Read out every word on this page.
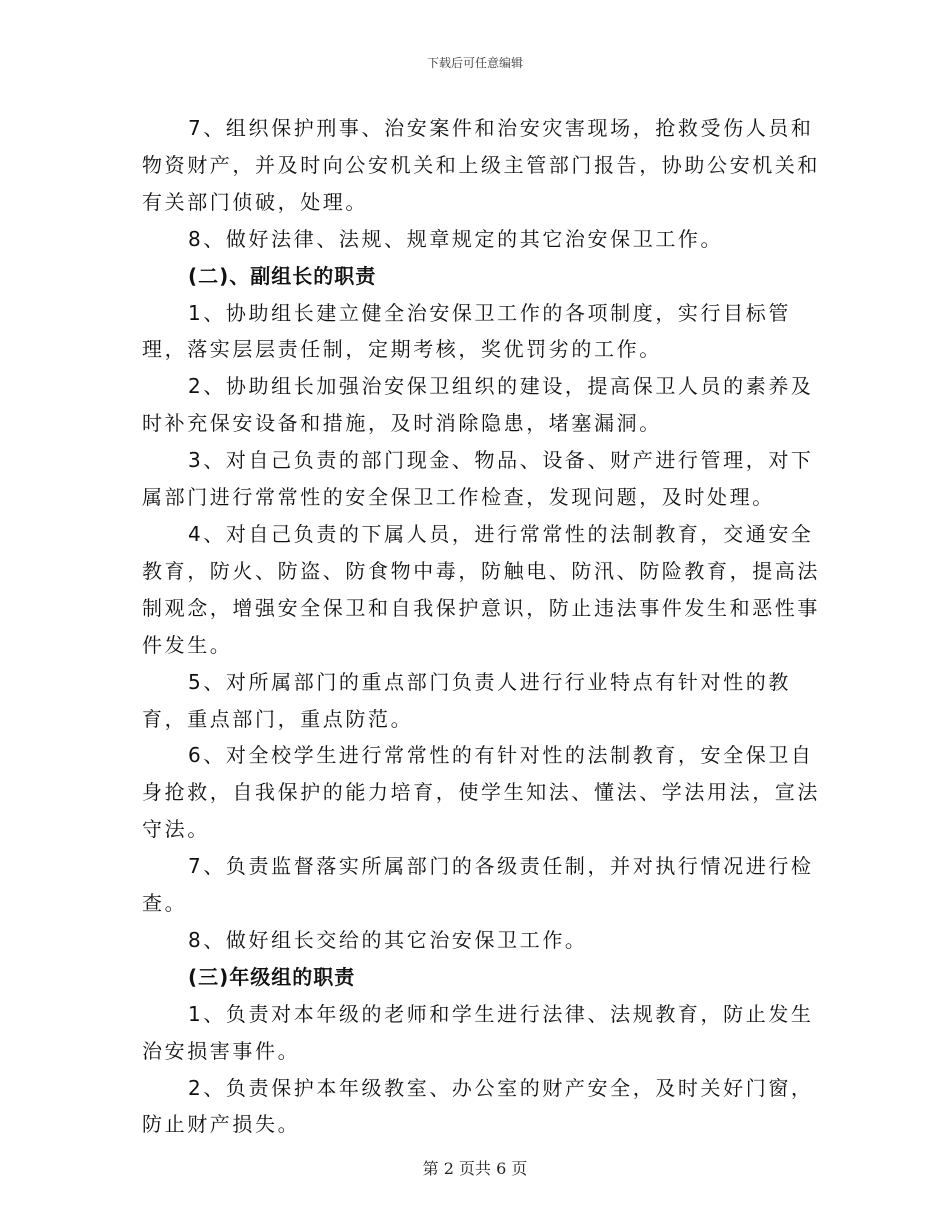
下载后可任意编辑

7、组织保护刑事、治安案件和治安灾害现场，抢救受伤人员和物资财产，并及时向公安机关和上级主管部门报告，协助公安机关和有关部门侦破，处理。

8、做好法律、法规、规章规定的其它治安保卫工作。

(二)、副组长的职责

1、协助组长建立健全治安保卫工作的各项制度，实行目标管理，落实层层责任制，定期考核，奖优罚劣的工作。

2、协助组长加强治安保卫组织的建设，提高保卫人员的素养及时补充保安设备和措施，及时消除隐患，堵塞漏洞。

3、对自己负责的部门现金、物品、设备、财产进行管理，对下属部门进行常常性的安全保卫工作检查，发现问题，及时处理。

4、对自己负责的下属人员，进行常常性的法制教育，交通安全教育，防火、防盗、防食物中毒，防触电、防汛、防险教育，提高法制观念，增强安全保卫和自我保护意识，防止违法事件发生和恶性事件发生。

5、对所属部门的重点部门负责人进行行业特点有针对性的教育，重点部门，重点防范。

6、对全校学生进行常常性的有针对性的法制教育，安全保卫自身抢救，自我保护的能力培育，使学生知法、懂法、学法用法，宣法守法。

7、负责监督落实所属部门的各级责任制，并对执行情况进行检查。

8、做好组长交给的其它治安保卫工作。

(三)年级组的职责

1、负责对本年级的老师和学生进行法律、法规教育，防止发生治安损害事件。

2、负责保护本年级教室、办公室的财产安全，及时关好门窗，防止财产损失。

第 2 页共 6 页
